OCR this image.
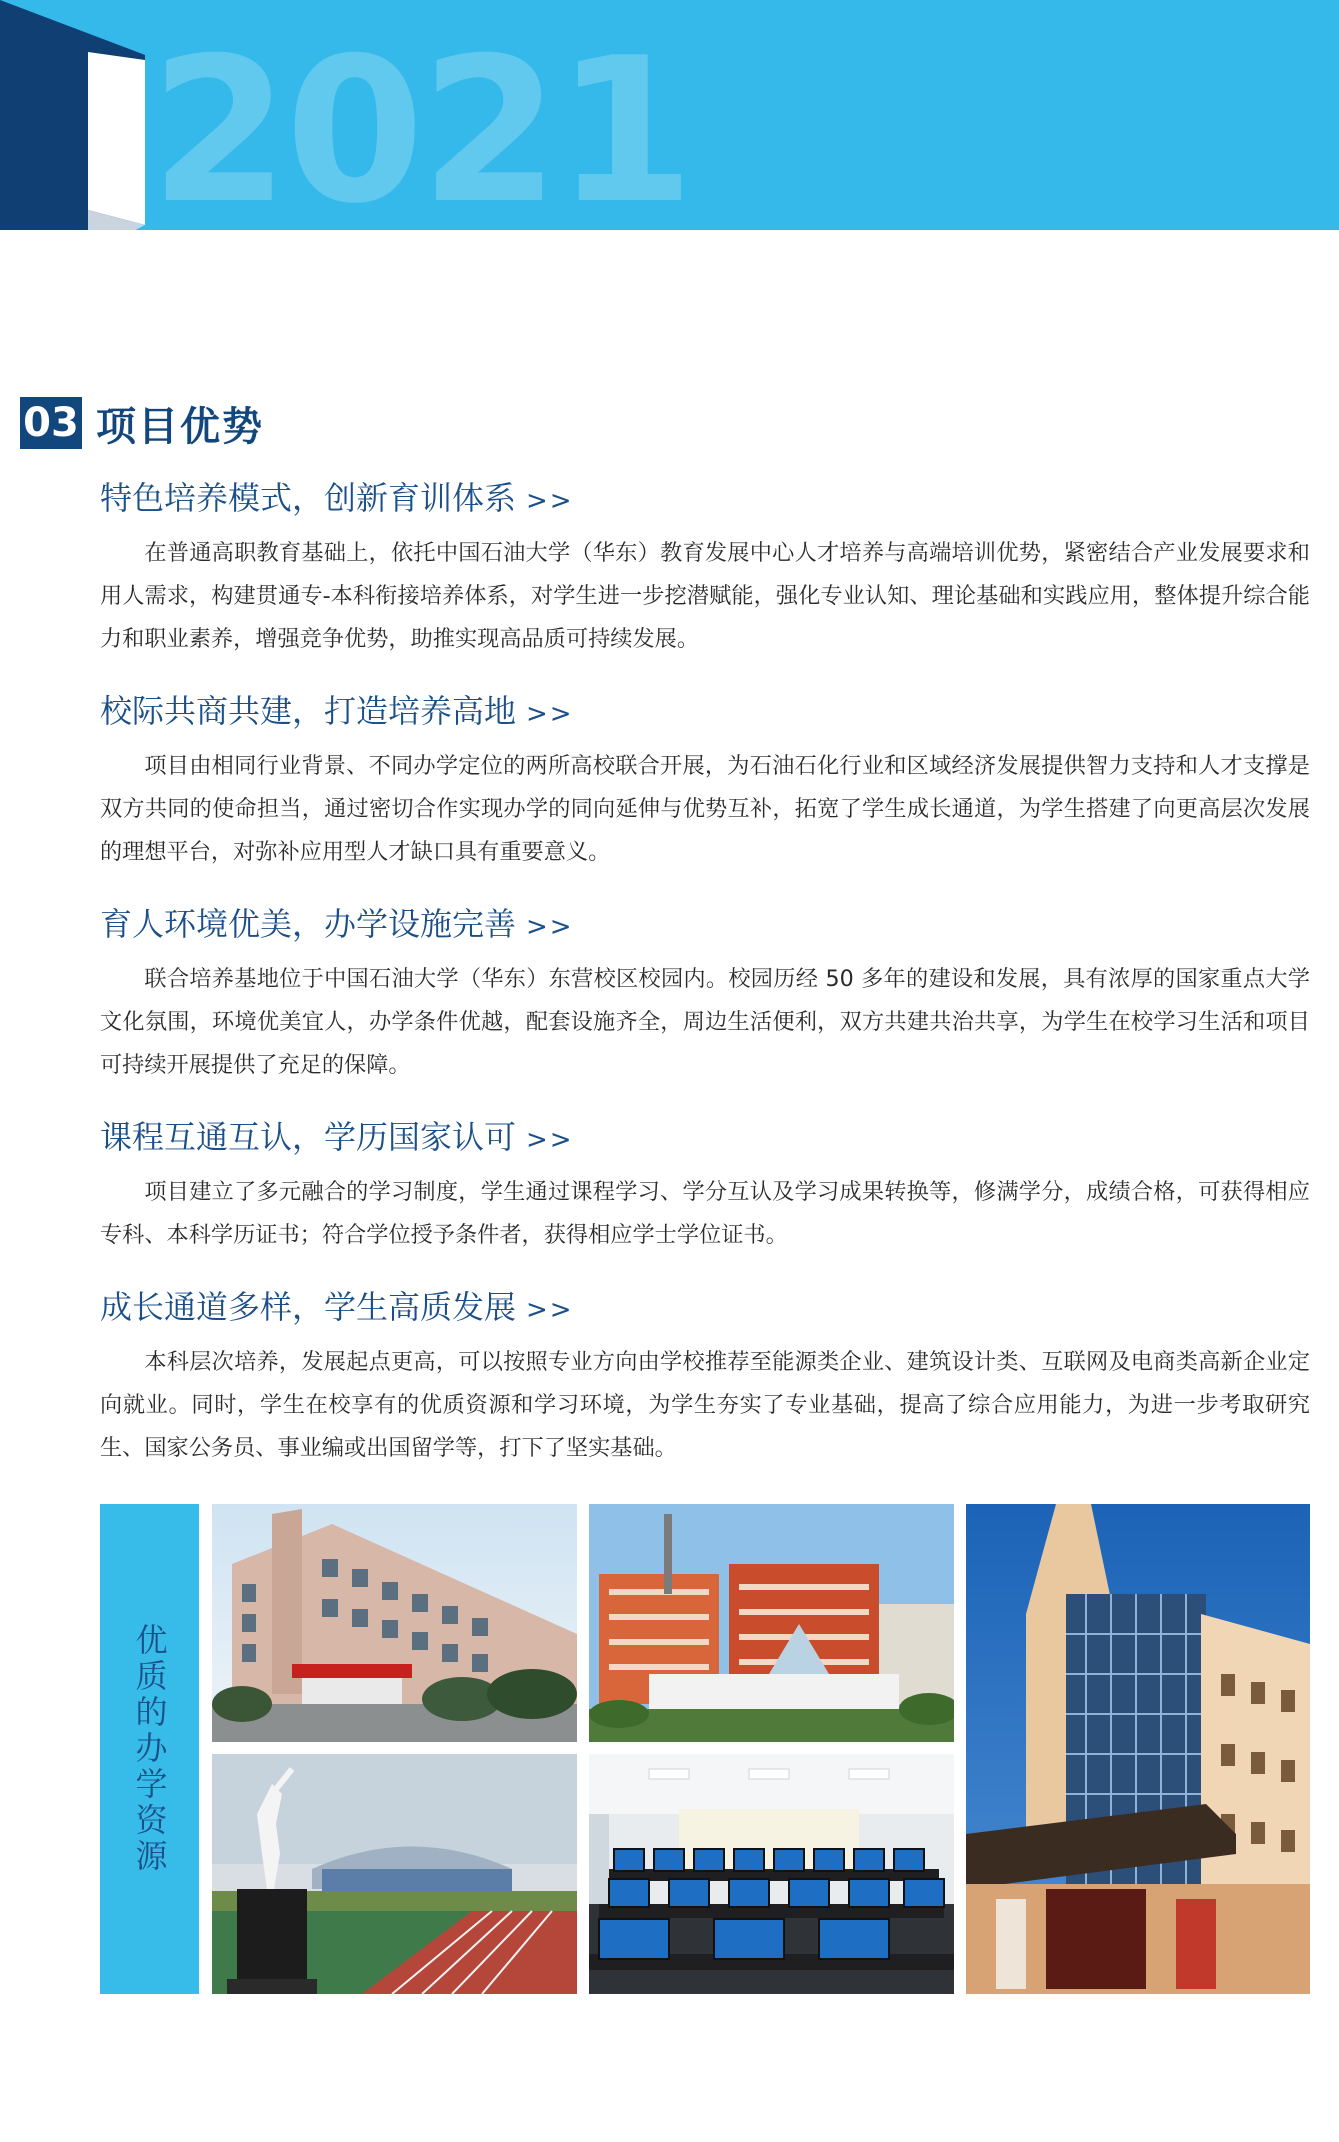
2021
03 项目优势
特色培养模式，创新育训体系 >>
在普通高职教育基础上，依托中国石油大学（华东）教育发展中心人才培养与高端培训优势，紧密结合产业发展要求和用人需求，构建贯通专-本科衔接培养体系，对学生进一步挖潜赋能，强化专业认知、理论基础和实践应用，整体提升综合能力和职业素养，增强竞争优势，助推实现高品质可持续发展。
校际共商共建，打造培养高地 >>
项目由相同行业背景、不同办学定位的两所高校联合开展，为石油石化行业和区域经济发展提供智力支持和人才支撑是双方共同的使命担当，通过密切合作实现办学的同向延伸与优势互补，拓宽了学生成长通道，为学生搭建了向更高层次发展的理想平台，对弥补应用型人才缺口具有重要意义。
育人环境优美，办学设施完善 >>
联合培养基地位于中国石油大学（华东）东营校区校园内。校园历经 50 多年的建设和发展，具有浓厚的国家重点大学文化氛围，环境优美宜人，办学条件优越，配套设施齐全，周边生活便利，双方共建共治共享，为学生在校学习生活和项目可持续开展提供了充足的保障。
课程互通互认，学历国家认可 >>
项目建立了多元融合的学习制度，学生通过课程学习、学分互认及学习成果转换等，修满学分，成绩合格，可获得相应专科、本科学历证书；符合学位授予条件者，获得相应学士学位证书。
成长通道多样，学生高质发展 >>
本科层次培养，发展起点更高，可以按照专业方向由学校推荐至能源类企业、建筑设计类、互联网及电商类高新企业定向就业。同时，学生在校享有的优质资源和学习环境，为学生夯实了专业基础，提高了综合应用能力，为进一步考取研究生、国家公务员、事业编或出国留学等，打下了坚实基础。
优质的办学资源
